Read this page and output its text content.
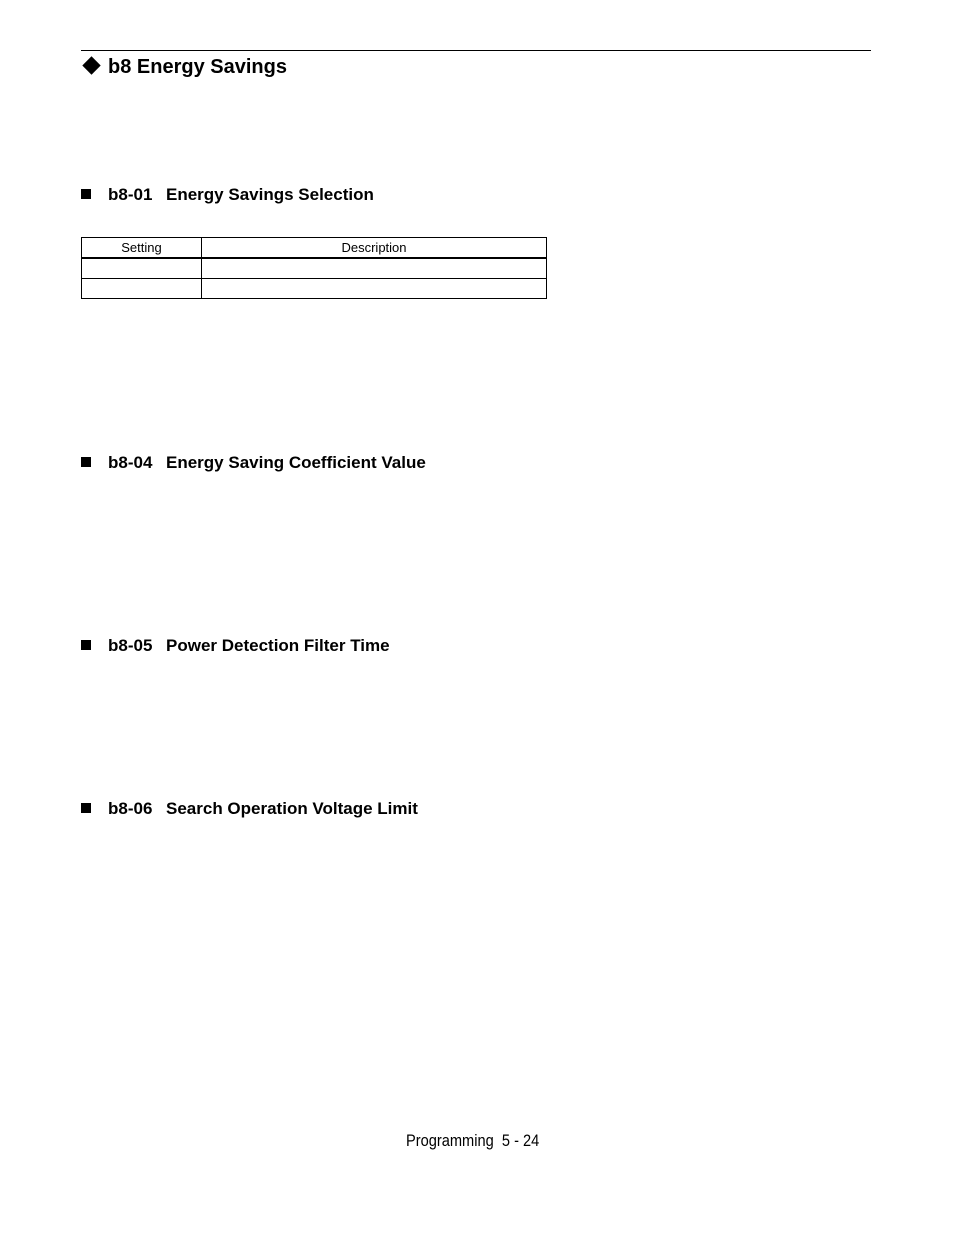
b8 Energy Savings
b8-01 Energy Savings Selection
Setting	Description

b8-04 Energy Saving Coefficient Value
b8-05 Power Detection Filter Time
b8-06 Search Operation Voltage Limit
Programming  5 - 24
